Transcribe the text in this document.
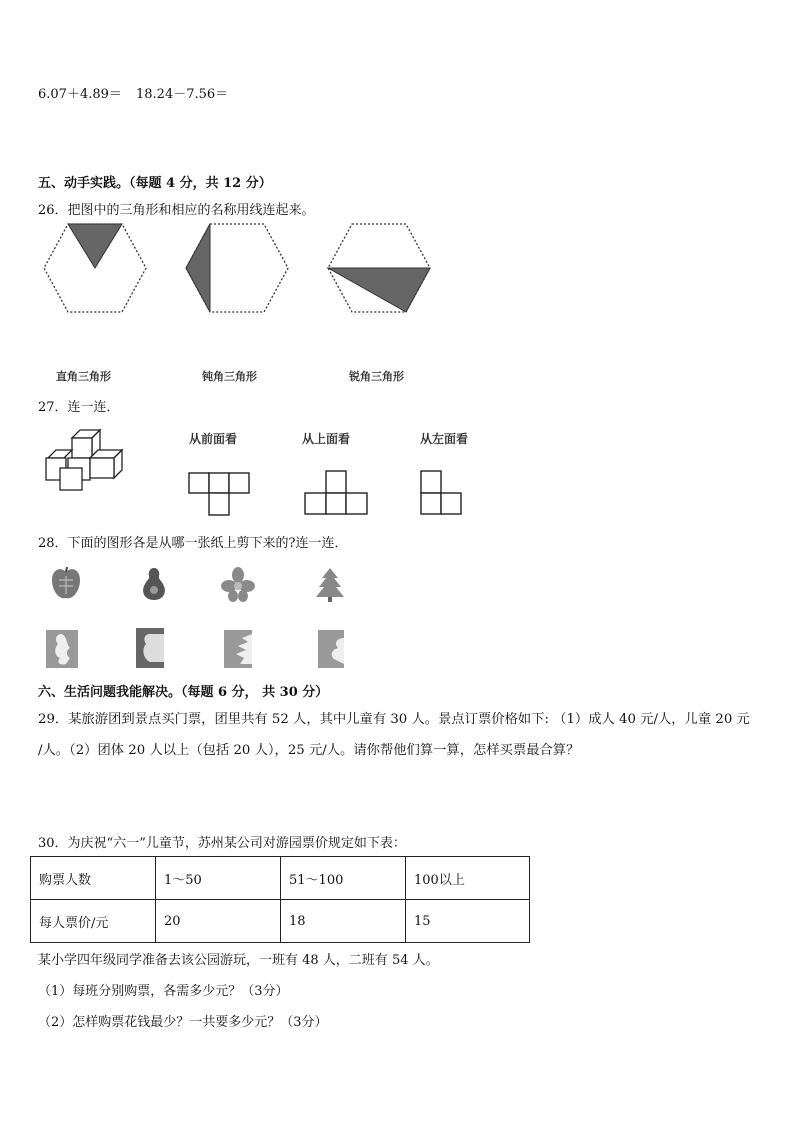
6.07＋4.89＝ 18.24－7.56＝
五、动手实践。（每题 4 分，共 12 分）
26．把图中的三角形和相应的名称用线连起来。
直角三角形	钝角三角形	锐角三角形
27．连一连．
从前面看	从上面看	从左面看
28．下面的图形各是从哪一张纸上剪下来的?连一连．
六、生活问题我能解决。（每题 6 分， 共 30 分）
29．某旅游团到景点买门票，团里共有 52 人，其中儿童有 30 人。景点订票价格如下: （1）成人 40 元/人，儿童 20 元
/人。（2）团体 20 人以上（包括 20 人），25 元/人。请你帮他们算一算，怎样买票最合算？
30．为庆祝“六一”儿童节，苏州某公司对游园票价规定如下表：
购票人数	1～50	51～100	100以上
每人票价/元	20	18	15
某小学四年级同学准备去该公园游玩，一班有 48 人，二班有 54 人。
（1）每班分别购票，各需多少元？（3分）
（2）怎样购票花钱最少？一共要多少元？（3分）
